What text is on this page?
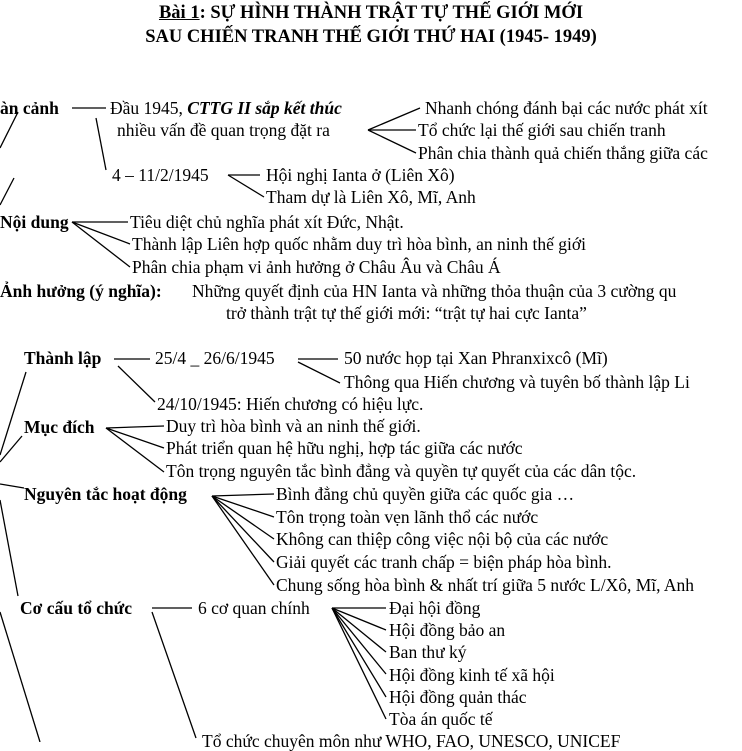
Bài 1: SỰ HÌNH THÀNH TRẬT TỰ THẾ GIỚI MỚI
SAU CHIẾN TRANH THẾ GIỚI THỨ HAI (1945- 1949)
àn cảnh	Đầu 1945, CTTG II sắp kết thúc
nhiều vấn đề quan trọng đặt ra
Nhanh chóng đánh bại các nước phát xít
Tổ chức lại thế giới sau chiến tranh
Phân chia thành quả chiến thắng giữa các
4 – 11/2/1945	Hội nghị Ianta ở (Liên Xô)
Tham dự là Liên Xô, Mĩ, Anh
Nội dung	Tiêu diệt chủ nghĩa phát xít Đức, Nhật.
Thành lập Liên hợp quốc nhằm duy trì hòa bình, an ninh thế giới
Phân chia phạm vi ảnh hưởng ở Châu Âu và Châu Á
Ảnh hưởng (ý nghĩa): Những quyết định của HN Ianta và những thỏa thuận của 3 cường qu
trở thành trật tự thế giới mới: “trật tự hai cực Ianta”
Thành lập	25/4 _ 26/6/1945	50 nước họp tại Xan Phranxixcô (Mĩ)
Thông qua Hiến chương và tuyên bố thành lập Li
24/10/1945: Hiến chương có hiệu lực.
Mục đích	Duy trì hòa bình và an ninh thế giới.
Phát triển quan hệ hữu nghị, hợp tác giữa các nước
Tôn trọng nguyên tắc bình đẳng và quyền tự quyết của các dân tộc.
Nguyên tắc hoạt động	Bình đẳng chủ quyền giữa các quốc gia …
Tôn trọng toàn vẹn lãnh thổ các nước
Không can thiệp công việc nội bộ của các nước
Giải quyết các tranh chấp = biện pháp hòa bình.
Chung sống hòa bình & nhất trí giữa 5 nước L/Xô, Mĩ, Anh
Cơ cấu tổ chức	6 cơ quan chính	Đại hội đồng
Hội đồng bảo an
Ban thư ký
Hội đồng kinh tế xã hội
Hội đồng quản thác
Tòa án quốc tế
Tổ chức chuyên môn như WHO, FAO, UNESCO, UNICEF
